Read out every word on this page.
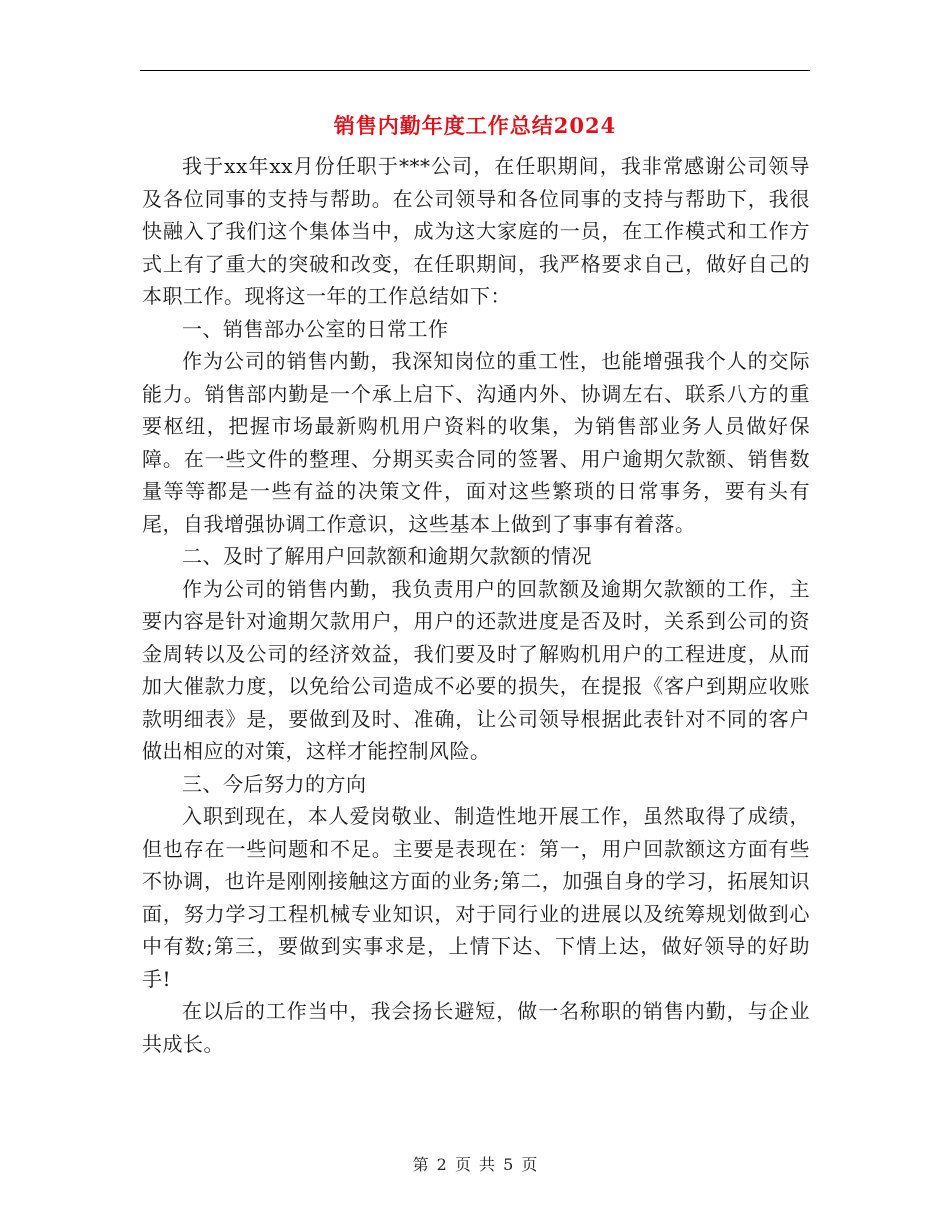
销售内勤年度工作总结2024

我于xx年xx月份任职于***公司，在任职期间，我非常感谢公司领导及各位同事的支持与帮助。在公司领导和各位同事的支持与帮助下，我很快融入了我们这个集体当中，成为这大家庭的一员，在工作模式和工作方式上有了重大的突破和改变，在任职期间，我严格要求自己，做好自己的本职工作。现将这一年的工作总结如下：

一、销售部办公室的日常工作

作为公司的销售内勤，我深知岗位的重工性，也能增强我个人的交际能力。销售部内勤是一个承上启下、沟通内外、协调左右、联系八方的重要枢纽，把握市场最新购机用户资料的收集，为销售部业务人员做好保障。在一些文件的整理、分期买卖合同的签署、用户逾期欠款额、销售数量等等都是一些有益的决策文件，面对这些繁琐的日常事务，要有头有尾，自我增强协调工作意识，这些基本上做到了事事有着落。

二、及时了解用户回款额和逾期欠款额的情况

作为公司的销售内勤，我负责用户的回款额及逾期欠款额的工作，主要内容是针对逾期欠款用户，用户的还款进度是否及时，关系到公司的资金周转以及公司的经济效益，我们要及时了解购机用户的工程进度，从而加大催款力度，以免给公司造成不必要的损失，在提报《客户到期应收账款明细表》是，要做到及时、准确，让公司领导根据此表针对不同的客户做出相应的对策，这样才能控制风险。

三、今后努力的方向

入职到现在，本人爱岗敬业、制造性地开展工作，虽然取得了成绩，但也存在一些问题和不足。主要是表现在：第一，用户回款额这方面有些不协调，也许是刚刚接触这方面的业务;第二，加强自身的学习，拓展知识面，努力学习工程机械专业知识，对于同行业的进展以及统筹规划做到心中有数;第三，要做到实事求是，上情下达、下情上达，做好领导的好助手!

在以后的工作当中，我会扬长避短，做一名称职的销售内勤，与企业共成长。

第 2 页 共 5 页
